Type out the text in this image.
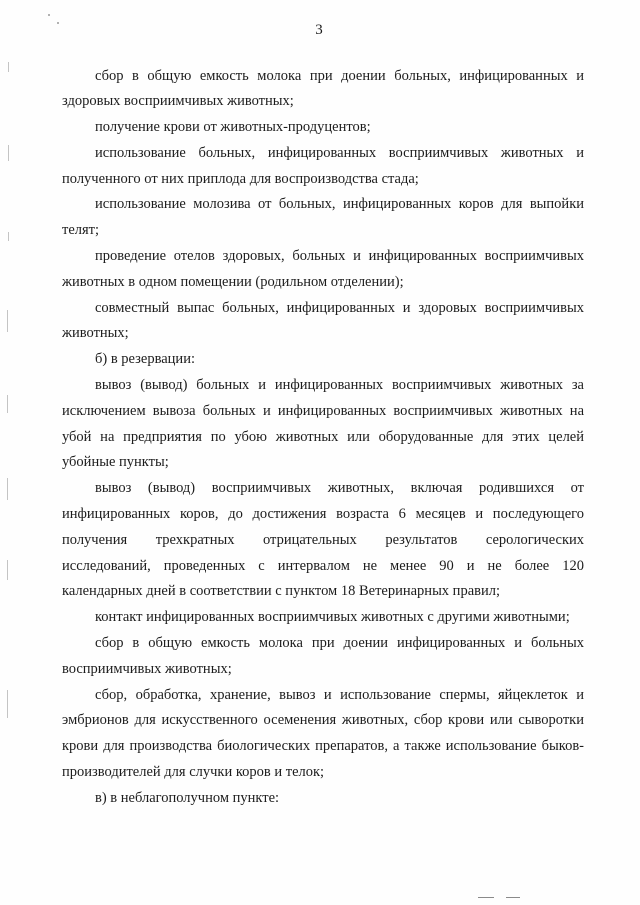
3
сбор в общую емкость молока при доении больных, инфицированных и
здоровых восприимчивых животных;
получение крови от животных-продуцентов;
использование больных, инфицированных восприимчивых животных и
полученного от них приплода для воспроизводства стада;
использование молозива от больных, инфицированных коров для выпойки
телят;
проведение отелов здоровых, больных и инфицированных восприимчивых
животных в одном помещении (родильном отделении);
совместный выпас больных, инфицированных и здоровых восприимчивых
животных;
б) в резервации:
вывоз (вывод) больных и инфицированных восприимчивых животных за
исключением вывоза больных и инфицированных восприимчивых животных на
убой на предприятия по убою животных или оборудованные для этих целей
убойные пункты;
вывоз (вывод) восприимчивых животных, включая родившихся от
инфицированных коров, до достижения возраста 6 месяцев и последующего
получения трехкратных отрицательных результатов серологических
исследований, проведенных с интервалом не менее 90 и не более 120
календарных дней в соответствии с пунктом 18 Ветеринарных правил;
контакт инфицированных восприимчивых животных с другими животными;
сбор в общую емкость молока при доении инфицированных и больных
восприимчивых животных;
сбор, обработка, хранение, вывоз и использование спермы, яйцеклеток и
эмбрионов для искусственного осеменения животных, сбор крови или сыворотки
крови для производства биологических препаратов, а также использование быков-
производителей для случки коров и телок;
в) в неблагополучном пункте:
